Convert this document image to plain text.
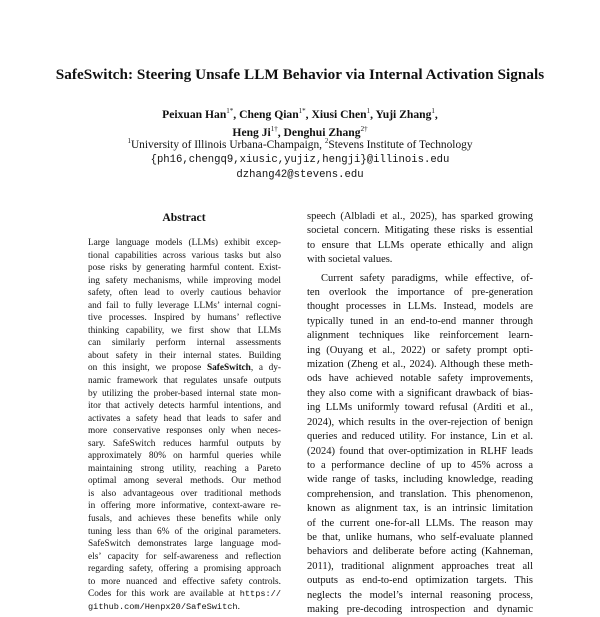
SafeSwitch: Steering Unsafe LLM Behavior via Internal Activation Signals
Peixuan Han$^{1*}$, Cheng Qian$^{1*}$, Xiusi Chen$^1$, Yuji Zhang$^1$,
Heng $Ji^{1\dagger}$, Denghui Zhang$^{2\dagger}$
$^1$University of Illinois Urbana-Champaign, $^2$Stevens Institute of Technology
{ph16,chengq9,xiusic,yujiz,hengji}@illinois.edu
dzhang42@stevens.edu
Abstract
Large language models (LLMs) exhibit excep-
tional capabilities across various tasks but also
pose risks by generating harmful content. Exist-
ing safety mechanisms, while improving model
safety, often lead to overly cautious behavior
and fail to fully leverage LLMs’ internal cogni-
tive processes. Inspired by humans’ reflective
thinking capability, we first show that LLMs
can similarly perform internal assessments
about safety in their internal states. Building
on this insight, we propose SafeSwitch, a dy-
namic framework that regulates unsafe outputs
by utilizing the prober-based internal state mon-
itor that actively detects harmful intentions, and
activates a safety head that leads to safer and
more conservative responses only when neces-
sary. SafeSwitch reduces harmful outputs by
approximately 80% on harmful queries while
maintaining strong utility, reaching a Pareto
optimal among several methods. Our method
is also advantageous over traditional methods
in offering more informative, context-aware re-
fusals, and achieves these benefits while only
tuning less than 6% of the original parameters.
SafeSwitch demonstrates large language mod-
els’ capacity for self-awareness and reflection
regarding safety, offering a promising approach
to more nuanced and effective safety controls.
Codes for this work are available at https://
github.com/Henpx20/SafeSwitch.
speech (Albladi et al., 2025), has sparked growing
societal concern. Mitigating these risks is essential
to ensure that LLMs operate ethically and align
with societal values.
Current safety paradigms, while effective, of-
ten overlook the importance of pre-generation
thought processes in LLMs. Instead, models are
typically tuned in an end-to-end manner through
alignment techniques like reinforcement learn-
ing (Ouyang et al., 2022) or safety prompt opti-
mization (Zheng et al., 2024). Although these meth-
ods have achieved notable safety improvements,
they also come with a significant drawback of bias-
ing LLMs uniformly toward refusal (Arditi et al.,
2024), which results in the over-rejection of benign
queries and reduced utility. For instance, Lin et al.
(2024) found that over-optimization in RLHF leads
to a performance decline of up to 45% across a
wide range of tasks, including knowledge, reading
comprehension, and translation. This phenomenon,
known as alignment tax, is an intrinsic limitation
of the current one-for-all LLMs. The reason may
be that, unlike humans, who self-evaluate planned
behaviors and deliberate before acting (Kahneman,
2011), traditional alignment approaches treat all
outputs as end-to-end optimization targets. This
neglects the model’s internal reasoning process,
making pre-decoding introspection and dynamic
